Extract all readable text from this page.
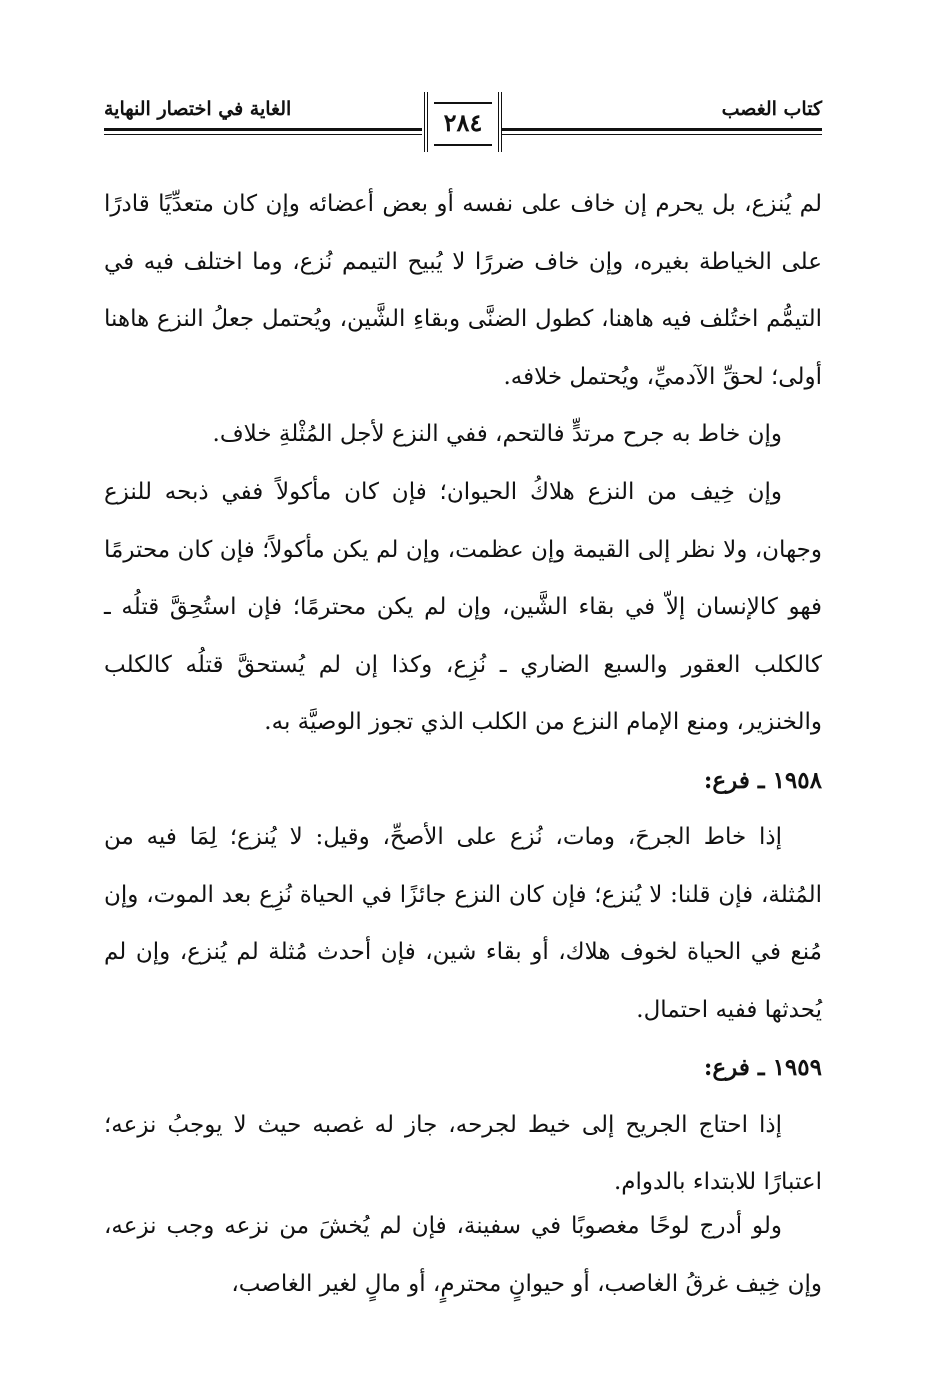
كتاب الغصب
الغاية في اختصار النهاية	٢٨٤

لم يُنزع، بل يحرم إن خاف على نفسه أو بعض أعضائه وإن كان متعدِّيًا قادرًا على الخياطة بغيره، وإن خاف ضررًا لا يُبيح التيمم نُزع، وما اختلف فيه في التيمُّم اختُلف فيه هاهنا، كطول الضنَّى وبقاءِ الشَّين، ويُحتمل جعلُ النزع هاهنا أولى؛ لحقِّ الآدميِّ، ويُحتمل خلافه.

وإن خاط به جرح مرتدٍّ فالتحم، ففي النزع لأجل المُثْلةِ خلاف.

وإن خِيف من النزع هلاكُ الحيوان؛ فإن كان مأكولاً ففي ذبحه للنزع وجهان، ولا نظر إلى القيمة وإن عظمت، وإن لم يكن مأكولاً؛ فإن كان محترمًا فهو كالإنسان إلاّ في بقاء الشَّين، وإن لم يكن محترمًا؛ فإن استُحِقَّ قتلُه ـ كالكلب العقور والسبع الضاري ـ نُزِع، وكذا إن لم يُستحقَّ قتلُه كالكلب والخنزير، ومنع الإمام النزع من الكلب الذي تجوز الوصيَّة به.

١٩٥٨ ـ فرع:

إذا خاط الجرحَ، ومات، نُزع على الأصحِّ، وقيل: لا يُنزع؛ لِمَا فيه من المُثلة، فإن قلنا: لا يُنزع؛ فإن كان النزع جائزًا في الحياة نُزِع بعد الموت، وإن مُنع في الحياة لخوف هلاك، أو بقاء شين، فإن أحدث مُثلة لم يُنزع، وإن لم يُحدثها ففيه احتمال.

١٩٥٩ ـ فرع:

إذا احتاج الجريح إلى خيط لجرحه، جاز له غصبه حيث لا يوجبُ نزعه؛ اعتبارًا للابتداء بالدوام.

ولو أدرج لوحًا مغصوبًا في سفينة، فإن لم يُخشَ من نزعه وجب نزعه، وإن خِيف غرقُ الغاصب، أو حيوانٍ محترمٍ، أو مالٍ لغير الغاصب،
